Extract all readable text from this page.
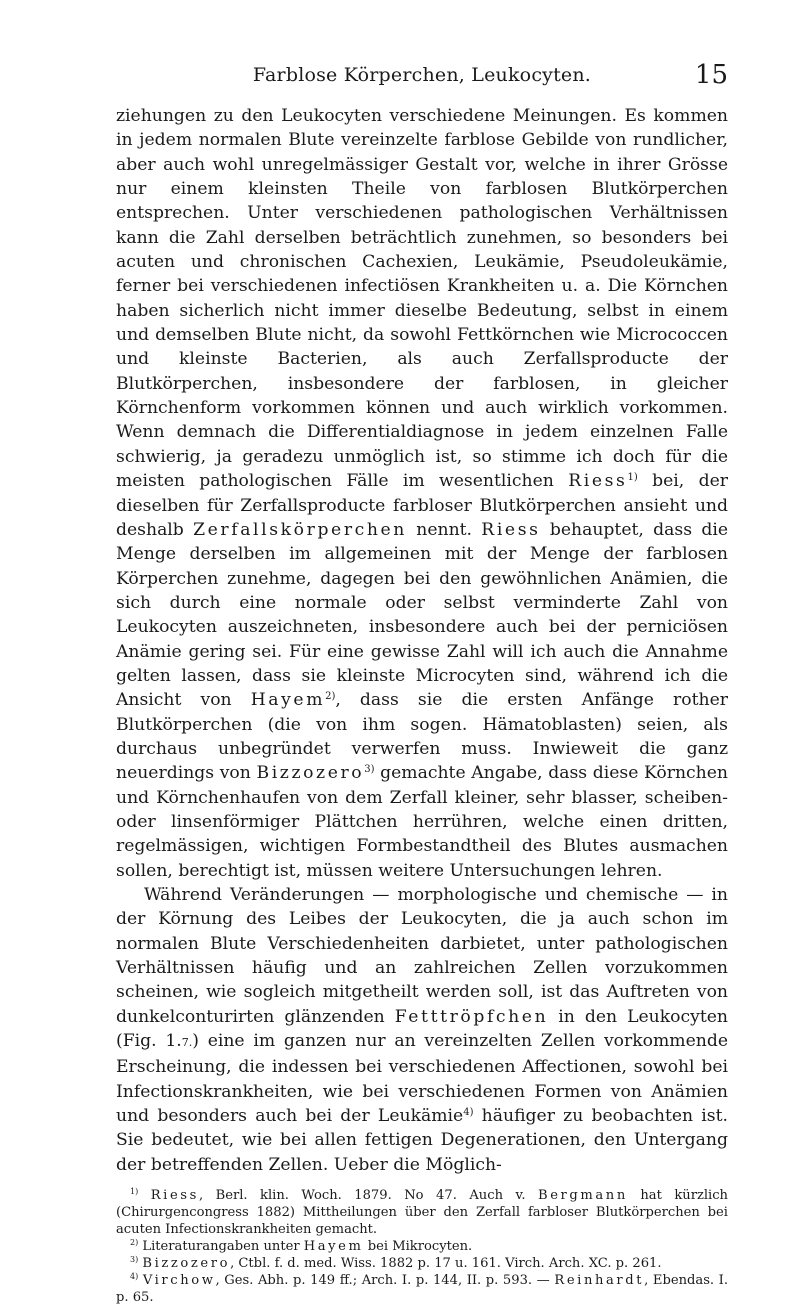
Farblose Körperchen, Leukocyten.	15

ziehungen zu den Leukocyten verschiedene Meinungen. Es kommen in jedem normalen Blute vereinzelte farblose Gebilde von rundlicher, aber auch wohl unregelmässiger Gestalt vor, welche in ihrer Grösse nur einem kleinsten Theile von farblosen Blutkörperchen entsprechen. Unter verschiedenen pathologischen Verhältnissen kann die Zahl derselben beträchtlich zunehmen, so besonders bei acuten und chronischen Cachexien, Leukämie, Pseudoleukämie, ferner bei verschiedenen infectiösen Krankheiten u. a. Die Körnchen haben sicherlich nicht immer dieselbe Bedeutung, selbst in einem und demselben Blute nicht, da sowohl Fettkörnchen wie Micrococcen und kleinste Bacterien, als auch Zerfallsproducte der Blutkörperchen, insbesondere der farblosen, in gleicher Körnchenform vorkommen können und auch wirklich vorkommen. Wenn demnach die Differentialdiagnose in jedem einzelnen Falle schwierig, ja geradezu unmöglich ist, so stimme ich doch für die meisten pathologischen Fälle im wesentlichen Riess$^{1)}$ bei, der dieselben für Zerfallsproducte farbloser Blutkörperchen ansieht und deshalb Zerfallskörperchen nennt. Riess behauptet, dass die Menge derselben im allgemeinen mit der Menge der farblosen Körperchen zunehme, dagegen bei den gewöhnlichen Anämien, die sich durch eine normale oder selbst verminderte Zahl von Leukocyten auszeichneten, insbesondere auch bei der perniciösen Anämie gering sei. Für eine gewisse Zahl will ich auch die Annahme gelten lassen, dass sie kleinste Microcyten sind, während ich die Ansicht von Hayem$^{2)}$, dass sie die ersten Anfänge rother Blutkörperchen (die von ihm sogen. Hämatoblasten) seien, als durchaus unbegründet verwerfen muss. Inwieweit die ganz neuerdings von Bizzozero$^{3)}$ gemachte Angabe, dass diese Körnchen und Körnchenhaufen von dem Zerfall kleiner, sehr blasser, scheiben- oder linsenförmiger Plättchen herrühren, welche einen dritten, regelmässigen, wichtigen Formbestandtheil des Blutes ausmachen sollen, berechtigt ist, müssen weitere Untersuchungen lehren.

Während Veränderungen — morphologische und chemische — in der Körnung des Leibes der Leukocyten, die ja auch schon im normalen Blute Verschiedenheiten darbietet, unter pathologischen Verhältnissen häufig und an zahlreichen Zellen vorzukommen scheinen, wie sogleich mitgetheilt werden soll, ist das Auftreten von dunkelconturirten glänzenden Fetttröpfchen in den Leukocyten (Fig. 1.7.) eine im ganzen nur an vereinzelten Zellen vorkommende Erscheinung, die indessen bei verschiedenen Affectionen, sowohl bei Infectionskrankheiten, wie bei verschiedenen Formen von Anämien und besonders auch bei der Leukämie$^{4)}$ häufiger zu beobachten ist. Sie bedeutet, wie bei allen fettigen Degenerationen, den Untergang der betreffenden Zellen. Ueber die Möglich-

$^{1)}$ Riess, Berl. klin. Woch. 1879. No 47. Auch v. Bergmann hat kürzlich (Chirurgencongress 1882) Mittheilungen über den Zerfall farbloser Blutkörperchen bei acuten Infectionskrankheiten gemacht.

$^{2)}$ Literaturangaben unter Hayem bei Mikrocyten.

$^{3)}$ Bizzozero, Ctbl. f. d. med. Wiss. 1882 p. 17 u. 161. Virch. Arch. XC. p. 261.

$^{4)}$ Virchow, Ges. Abh. p. 149 ff.; Arch. I. p. 144, II. p. 593. — Reinhardt, Ebendas. I. p. 65.
